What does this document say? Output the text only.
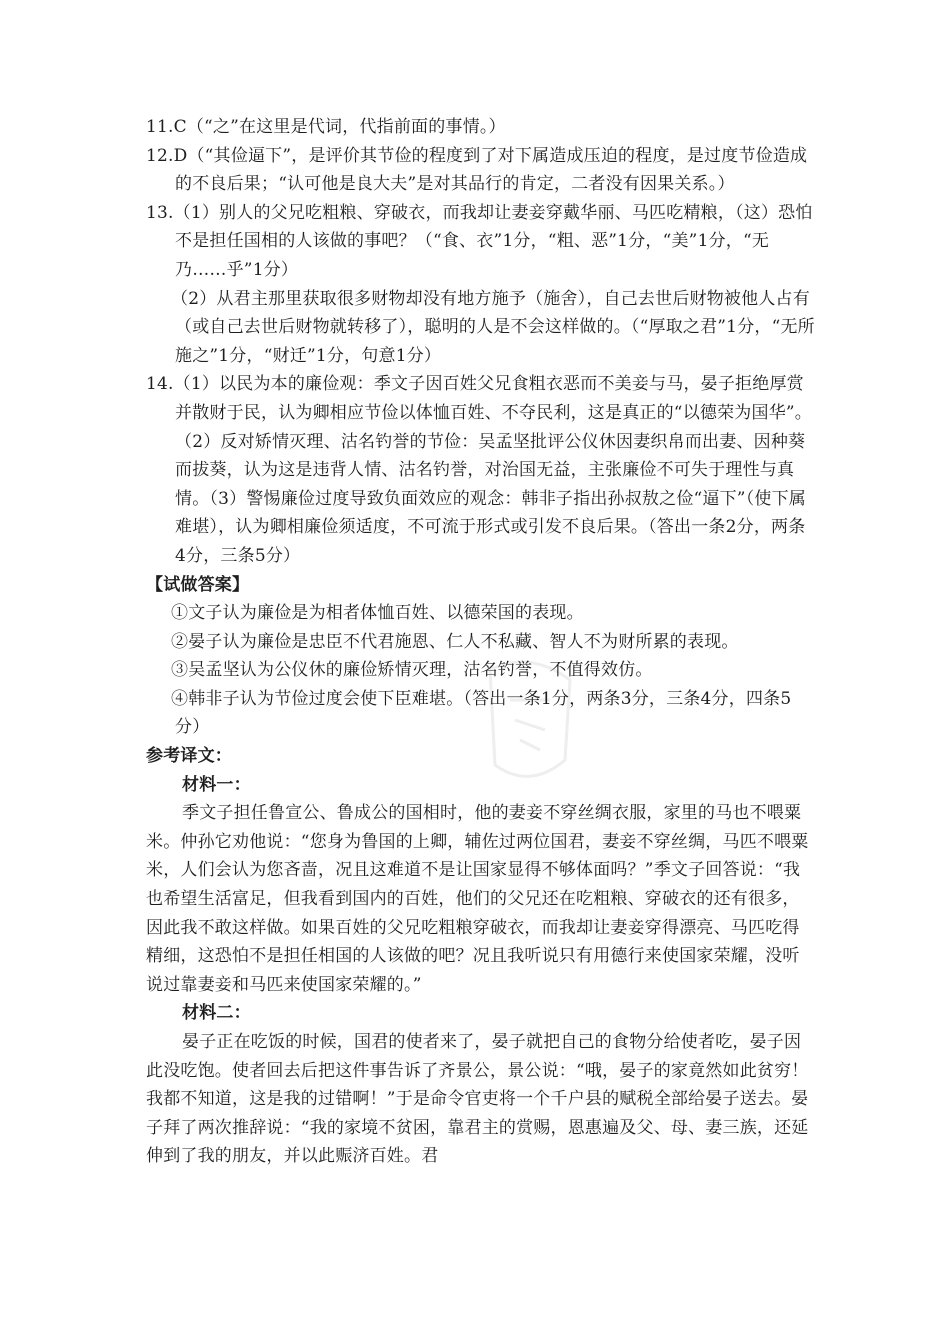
11.C（“之”在这里是代词，代指前面的事情。）

12.D（“其俭逼下”，是评价其节俭的程度到了对下属造成压迫的程度，是过度节俭造成的不良后果；“认可他是良大夫”是对其品行的肯定，二者没有因果关系。）

13.（1）别人的父兄吃粗粮、穿破衣，而我却让妻妾穿戴华丽、马匹吃精粮，（这）恐怕不是担任国相的人该做的事吧？（“食、衣”1分，“粗、恶”1分，“美”1分，“无乃……乎”1分）

（2）从君主那里获取很多财物却没有地方施予（施舍），自己去世后财物被他人占有（或自己去世后财物就转移了），聪明的人是不会这样做的。（“厚取之君”1分，“无所施之”1分，“财迁”1分，句意1分）

14.（1）以民为本的廉俭观：季文子因百姓父兄食粗衣恶而不美妾与马，晏子拒绝厚赏并散财于民，认为卿相应节俭以体恤百姓、不夺民利，这是真正的“以德荣为国华”。（2）反对矫情灭理、沽名钓誉的节俭：吴孟坚批评公仪休因妻织帛而出妻、因种葵而拔葵，认为这是违背人情、沽名钓誉，对治国无益，主张廉俭不可失于理性与真情。（3）警惕廉俭过度导致负面效应的观念：韩非子指出孙叔敖之俭“逼下”（使下属难堪），认为卿相廉俭须适度，不可流于形式或引发不良后果。（答出一条2分，两条4分，三条5分）

【试做答案】

①文子认为廉俭是为相者体恤百姓、以德荣国的表现。

②晏子认为廉俭是忠臣不代君施恩、仁人不私藏、智人不为财所累的表现。

③吴孟坚认为公仪休的廉俭矫情灭理，沽名钓誉，不值得效仿。

④韩非子认为节俭过度会使下臣难堪。（答出一条1分，两条3分，三条4分，四条5分）

参考译文：

材料一：

季文子担任鲁宣公、鲁成公的国相时，他的妻妾不穿丝绸衣服，家里的马也不喂粟米。仲孙它劝他说：“您身为鲁国的上卿，辅佐过两位国君，妻妾不穿丝绸，马匹不喂粟米，人们会认为您吝啬，况且这难道不是让国家显得不够体面吗？”季文子回答说：“我也希望生活富足，但我看到国内的百姓，他们的父兄还在吃粗粮、穿破衣的还有很多，因此我不敢这样做。如果百姓的父兄吃粗粮穿破衣，而我却让妻妾穿得漂亮、马匹吃得精细，这恐怕不是担任相国的人该做的吧？况且我听说只有用德行来使国家荣耀，没听说过靠妻妾和马匹来使国家荣耀的。”

材料二：

晏子正在吃饭的时候，国君的使者来了，晏子就把自己的食物分给使者吃，晏子因此没吃饱。使者回去后把这件事告诉了齐景公，景公说：“哦，晏子的家竟然如此贫穷！我都不知道，这是我的过错啊！”于是命令官吏将一个千户县的赋税全部给晏子送去。晏子拜了两次推辞说：“我的家境不贫困，靠君主的赏赐，恩惠遍及父、母、妻三族，还延伸到了我的朋友，并以此赈济百姓。君
